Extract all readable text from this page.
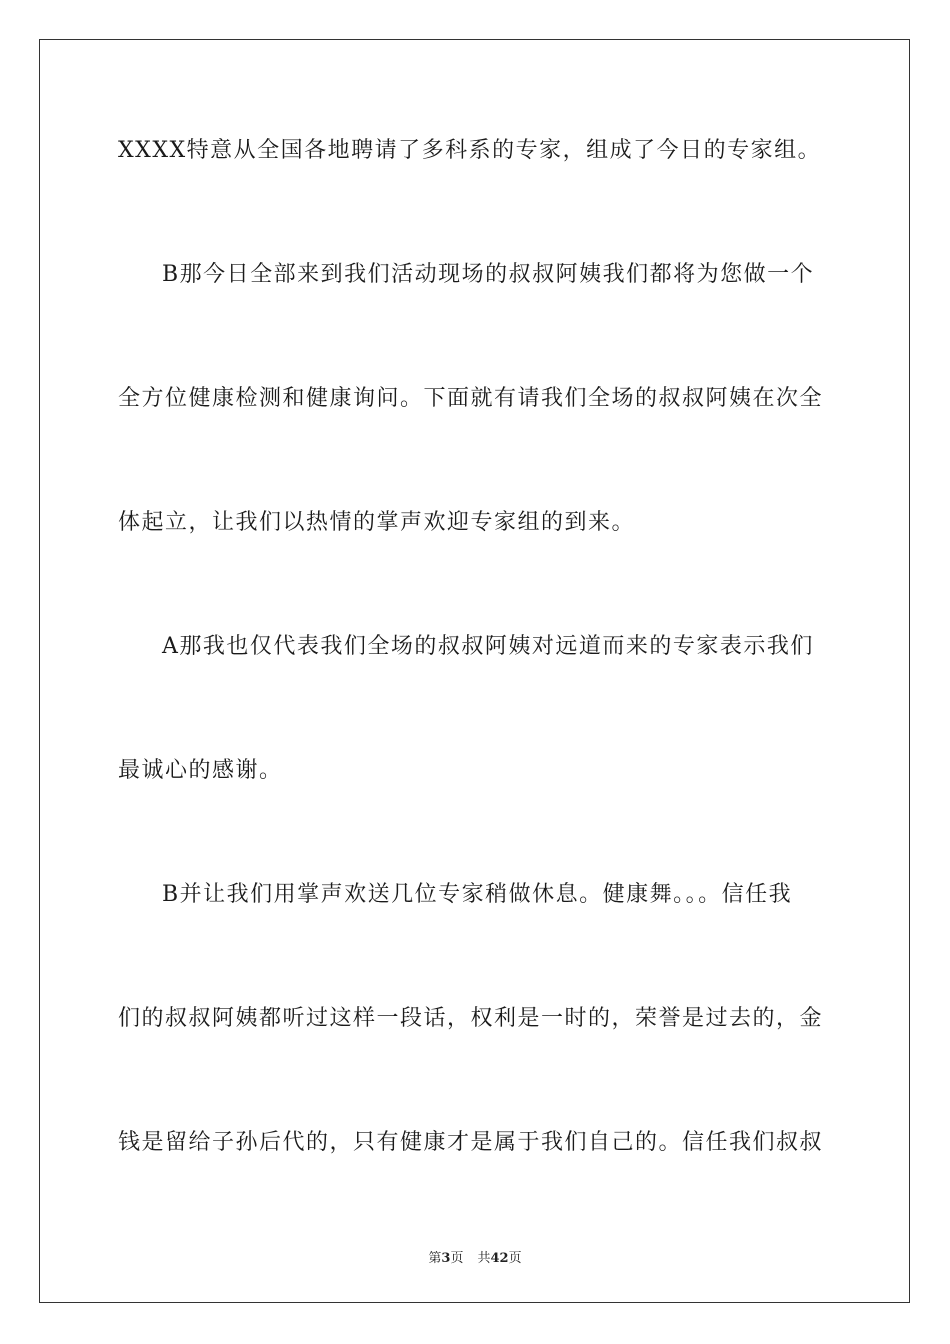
XXXX特意从全国各地聘请了多科系的专家，组成了今日的专家组。
B那今日全部来到我们活动现场的叔叔阿姨我们都将为您做一个
全方位健康检测和健康询问。下面就有请我们全场的叔叔阿姨在次全
体起立，让我们以热情的掌声欢迎专家组的到来。
A那我也仅代表我们全场的叔叔阿姨对远道而来的专家表示我们
最诚心的感谢。
B并让我们用掌声欢送几位专家稍做休息。健康舞。。。信任我
们的叔叔阿姨都听过这样一段话，权利是一时的，荣誉是过去的，金
钱是留给子孙后代的，只有健康才是属于我们自己的。信任我们叔叔
第3页 共42页
